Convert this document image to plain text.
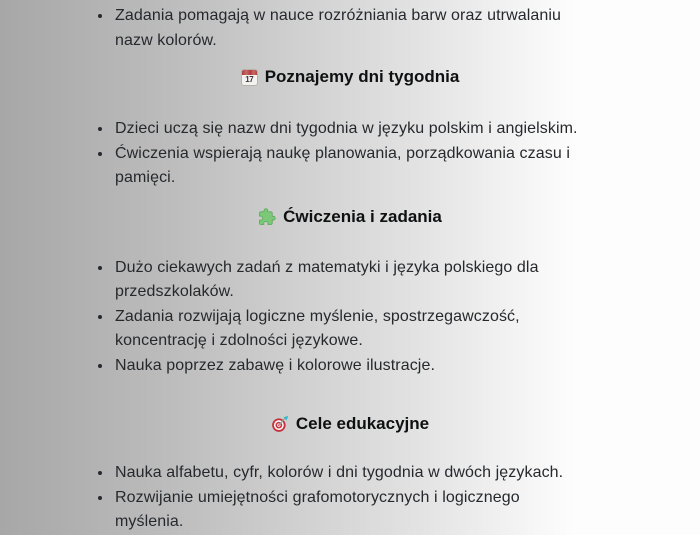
• Zadania pomagają w nauce rozróżniania barw oraz utrwalaniu nazw kolorów.
17 Poznajemy dni tygodnia
• Dzieci uczą się nazw dni tygodnia w języku polskim i angielskim.
• Ćwiczenia wspierają naukę planowania, porządkowania czasu i pamięci.
Ćwiczenia i zadania
• Dużo ciekawych zadań z matematyki i języka polskiego dla przedszkolaków.
• Zadania rozwijają logiczne myślenie, spostrzegawczość, koncentrację i zdolności językowe.
• Nauka poprzez zabawę i kolorowe ilustracje.
Cele edukacyjne
• Nauka alfabetu, cyfr, kolorów i dni tygodnia w dwóch językach.
• Rozwijanie umiejętności grafomotorycznych i logicznego myślenia.
